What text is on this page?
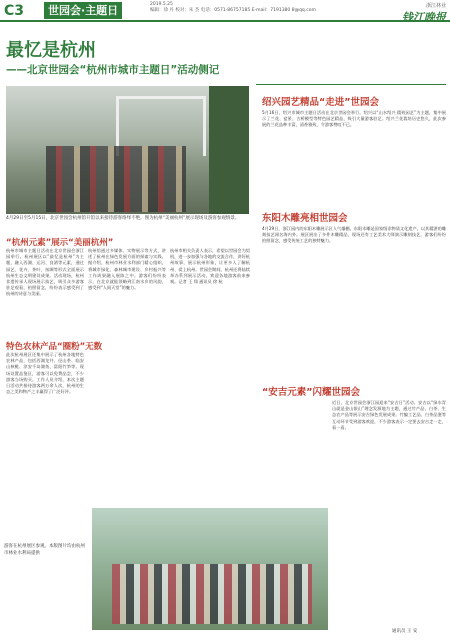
C3	世园会·主题日	2019.5.25
编辑：徐 丹 校对：朱 杰 电话：0571-86757185 E-mail：7191380 8@qq.com
浙江林业
钱江晚报
最忆是杭州
——北京世园会“杭州市城市主题日”活动侧记
4月29日至5月15日，北京世园会杭州馆开馆以来接待游客络绎不绝。图为杭州“美丽杭州”展示现场及游客参观情景。
“杭州元素”展示“美丽杭州”
杭州市城市主题日活动在北京世园会浙江园举行。杭州展区以“最忆是杭州”为主题，融入西湖、运河、良渚等元素，通过园艺、花卉、茶叶、丝绸等形式全面展示杭州生态文明建设成果。活动现场，杭州非遗传承人现场展示技艺，吸引众多游客驻足观看，拍照留念，纷纷表示感受到了杭州的诗意与美丽。
特色农林产品“圈粉”无数
此次杭州展区还集中展示了杭州各地特色农林产品，包括西湖龙井、径山茶、临安山核桃、淳安千岛湖鱼、富阳竹笋等。现场设置品鉴区，游客可以免费品尝，不少游客当场购买。工作人员介绍，本次主题日活动共接待游客两万余人次，杭州的生态之美和物产之丰赢得了广泛好评。
杭州馆通过多媒体、实物展示等方式，讲述了杭州在绿色发展方面的探索与实践。据介绍，杭州市林业水利部门精心组织，将城市绿化、森林城市建设、乡村振兴等工作成果融入展陈之中。游客们纷纷表示，在北京就能领略到江南水乡的风韵，感受到“人间天堂”的魅力。
杭州市相关负责人表示，希望以世园会为契机，进一步加强与各地的交流合作，讲好杭州故事，展示杭州形象，让更多人了解杭州、爱上杭州。世园会期间，杭州还将陆续举办系列展示活动，欢迎各地游客前来参观。记者 王 翔 通讯员 徐 杭
游客在杭州展区参观。本版图片均由杭州市林业水利局提供
绍兴园艺精品“走进”世园会
5月16日，绍兴市城市主题日活动在北京世园会举行。绍兴以“山水绍兴 精致园艺”为主题，集中展示了兰花、盆景、古桥模型等特色园艺精品，吸引大量游客驻足。绍兴兰花栽培历史悠久，此次参展的兰花品种丰富，清香雅致，令游客赞叹不已。
东阳木雕亮相世园会
4月29日，浙江园内的东阳木雕展示区人气爆棚。东阳木雕是国家级非物质文化遗产，以其精湛的雕刻技艺闻名海内外。展区展出了多件木雕精品，现场还有工艺美术大师演示雕刻技艺，游客们纷纷拍照留念，感受传统工艺的独特魅力。
“安吉元素”闪耀世园会
近日，北京世园会浙江园迎来“安吉日”活动。安吉以“绿水青山就是金山银山”理念发源地为主题，通过竹产品、白茶、生态农产品等展示安吉绿色发展成果。竹编工艺品、白茶品鉴等互动环节受到游客欢迎，不少游客表示一定要去安吉走一走，看一看。
通讯员 王 安
